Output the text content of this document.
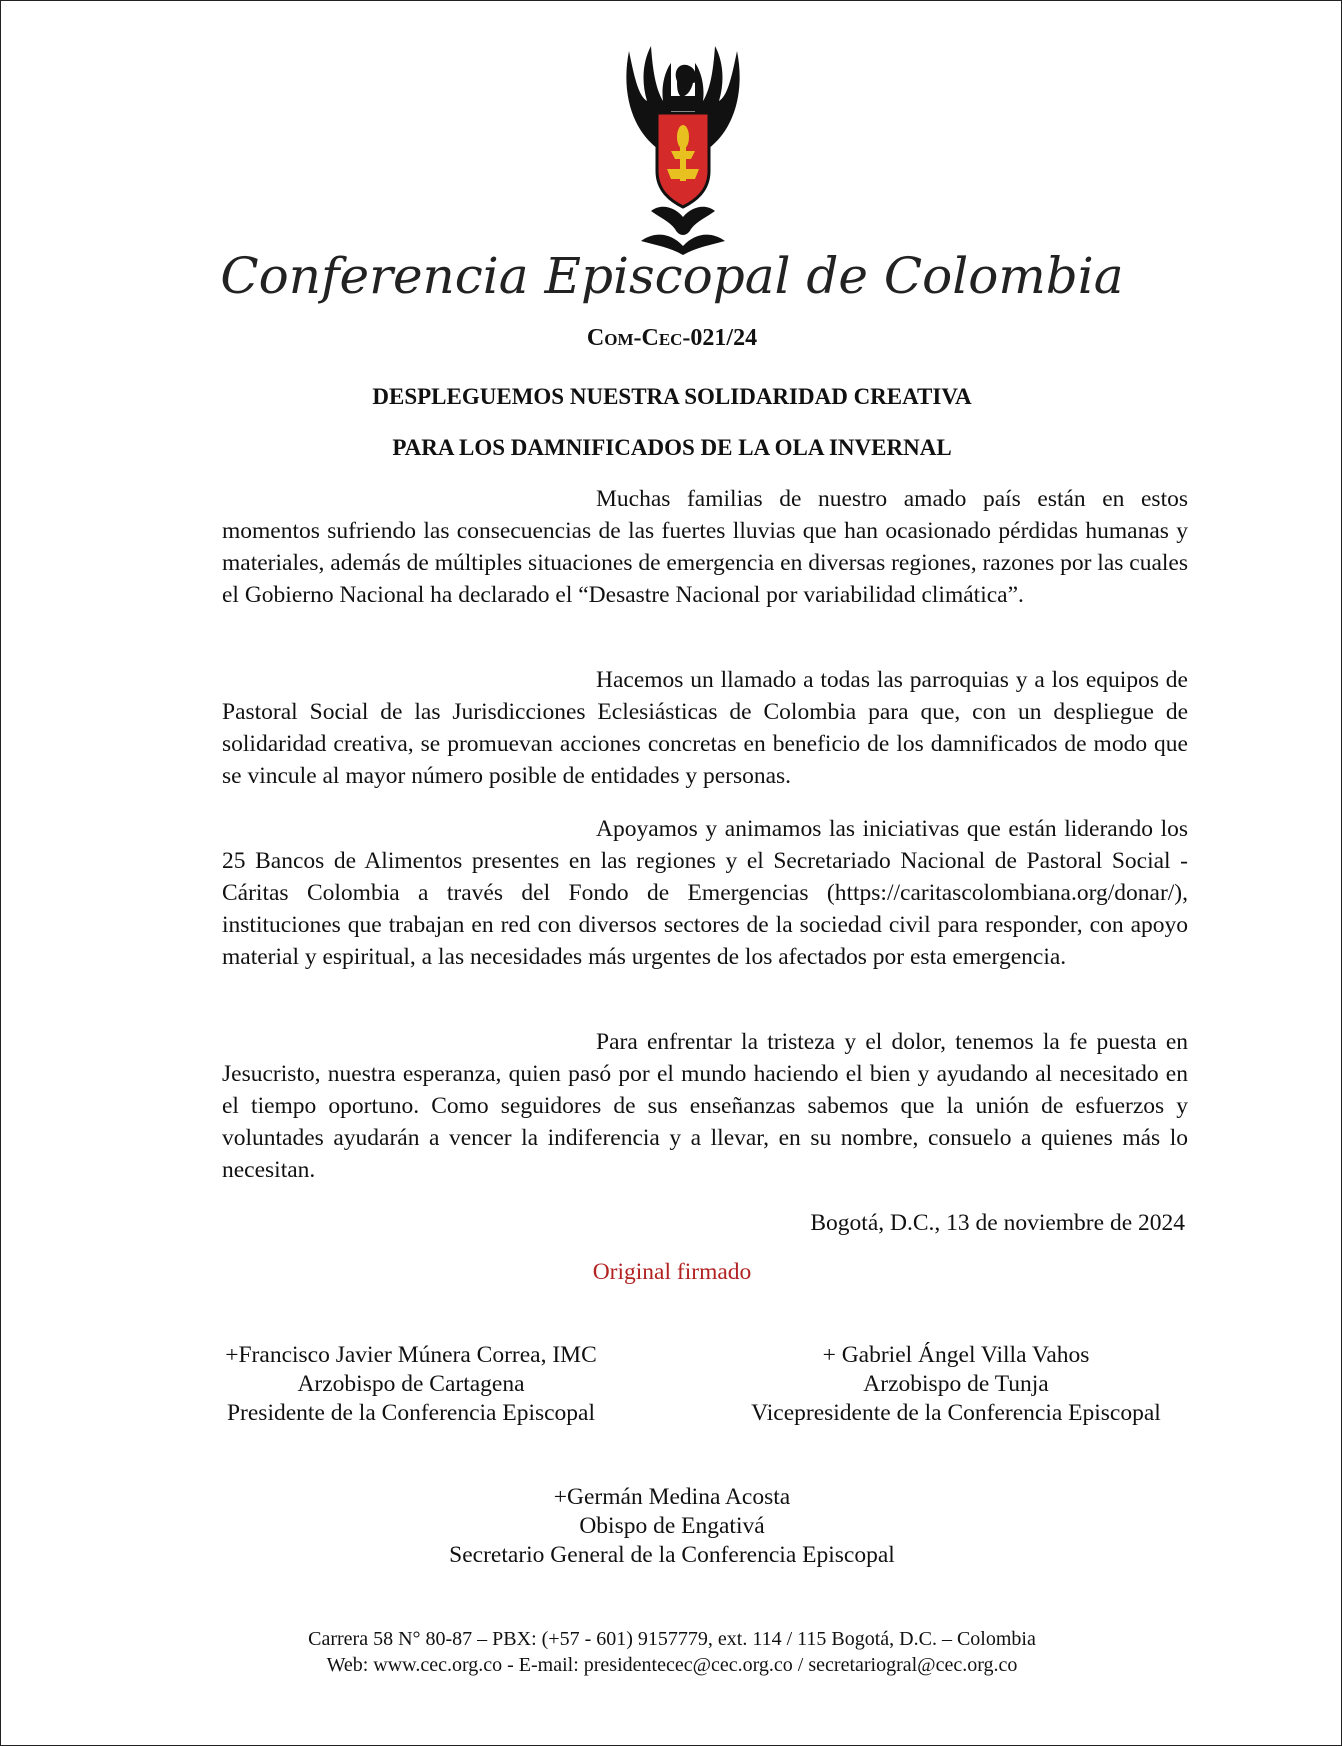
Conferencia Episcopal de Colombia
Com-Cec-021/24
DESPLEGUEMOS NUESTRA SOLIDARIDAD CREATIVA
PARA LOS DAMNIFICADOS DE LA OLA INVERNAL

Muchas familias de nuestro amado país están en estos momentos sufriendo las consecuencias de las fuertes lluvias que han ocasionado pérdidas humanas y materiales, además de múltiples situaciones de emergencia en diversas regiones, razones por las cuales el Gobierno Nacional ha declarado el “Desastre Nacional por variabilidad climática”.

Hacemos un llamado a todas las parroquias y a los equipos de Pastoral Social de las Jurisdicciones Eclesiásticas de Colombia para que, con un despliegue de solidaridad creativa, se promuevan acciones concretas en beneficio de los damnificados de modo que se vincule al mayor número posible de entidades y personas.

Apoyamos y animamos las iniciativas que están liderando los 25 Bancos de Alimentos presentes en las regiones y el Secretariado Nacional de Pastoral Social - Cáritas Colombia a través del Fondo de Emergencias (https://caritascolombiana.org/donar/), instituciones que trabajan en red con diversos sectores de la sociedad civil para responder, con apoyo material y espiritual, a las necesidades más urgentes de los afectados por esta emergencia.

Para enfrentar la tristeza y el dolor, tenemos la fe puesta en Jesucristo, nuestra esperanza, quien pasó por el mundo haciendo el bien y ayudando al necesitado en el tiempo oportuno. Como seguidores de sus enseñanzas sabemos que la unión de esfuerzos y voluntades ayudarán a vencer la indiferencia y a llevar, en su nombre, consuelo a quienes más lo necesitan.

Bogotá, D.C., 13 de noviembre de 2024
Original firmado
+Francisco Javier Múnera Correa, IMC
Arzobispo de Cartagena
Presidente de la Conferencia Episcopal
+ Gabriel Ángel Villa Vahos
Arzobispo de Tunja
Vicepresidente de la Conferencia Episcopal
+Germán Medina Acosta
Obispo de Engativá
Secretario General de la Conferencia Episcopal
Carrera 58 N° 80-87 – PBX: (+57 - 601) 9157779, ext. 114 / 115 Bogotá, D.C. – Colombia
Web: www.cec.org.co - E-mail: presidentecec@cec.org.co / secretariogral@cec.org.co
